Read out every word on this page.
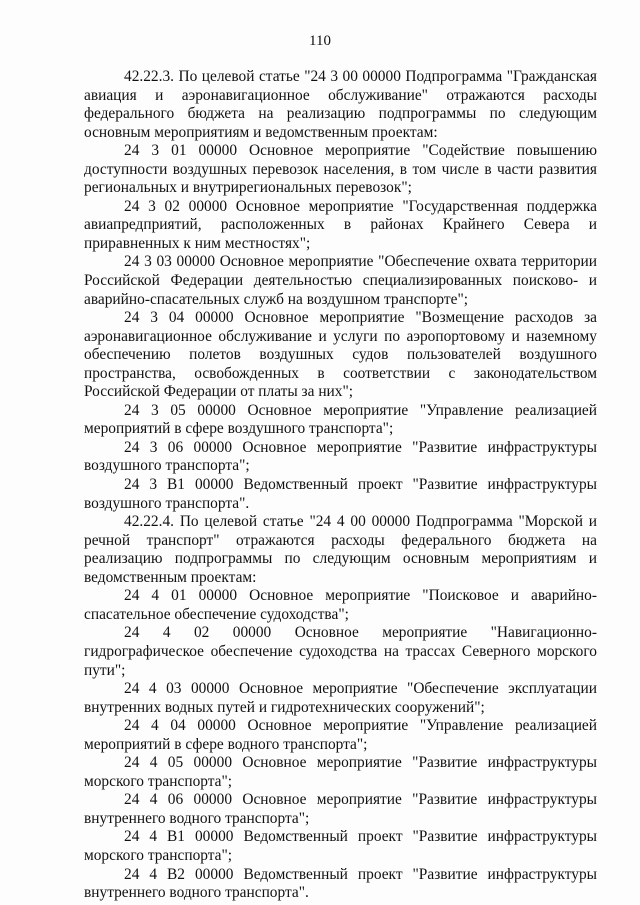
110

42.22.3. По целевой статье "24 3 00 00000 Подпрограмма "Гражданская авиация и аэронавигационное обслуживание" отражаются расходы федерального бюджета на реализацию подпрограммы по следующим основным мероприятиям и ведомственным проектам:

24 3 01 00000 Основное мероприятие "Содействие повышению доступности воздушных перевозок населения, в том числе в части развития региональных и внутрирегиональных перевозок";

24 3 02 00000 Основное мероприятие "Государственная поддержка авиапредприятий, расположенных в районах Крайнего Севера и приравненных к ним местностях";

24 3 03 00000 Основное мероприятие "Обеспечение охвата территории Российской Федерации деятельностью специализированных поисково- и аварийно-спасательных служб на воздушном транспорте";

24 3 04 00000 Основное мероприятие "Возмещение расходов за аэронавигационное обслуживание и услуги по аэропортовому и наземному обеспечению полетов воздушных судов пользователей воздушного пространства, освобожденных в соответствии с законодательством Российской Федерации от платы за них";

24 3 05 00000 Основное мероприятие "Управление реализацией мероприятий в сфере воздушного транспорта";

24 3 06 00000 Основное мероприятие "Развитие инфраструктуры воздушного транспорта";

24 3 В1 00000 Ведомственный проект "Развитие инфраструктуры воздушного транспорта".

42.22.4. По целевой статье "24 4 00 00000 Подпрограмма "Морской и речной транспорт" отражаются расходы федерального бюджета на реализацию подпрограммы по следующим основным мероприятиям и ведомственным проектам:

24 4 01 00000 Основное мероприятие "Поисковое и аварийно-спасательное обеспечение судоходства";

24 4 02 00000 Основное мероприятие "Навигационно-гидрографическое обеспечение судоходства на трассах Северного морского пути";

24 4 03 00000 Основное мероприятие "Обеспечение эксплуатации внутренних водных путей и гидротехнических сооружений";

24 4 04 00000 Основное мероприятие "Управление реализацией мероприятий в сфере водного транспорта";

24 4 05 00000 Основное мероприятие "Развитие инфраструктуры морского транспорта";

24 4 06 00000 Основное мероприятие "Развитие инфраструктуры внутреннего водного транспорта";

24 4 В1 00000 Ведомственный проект "Развитие инфраструктуры морского транспорта";

24 4 В2 00000 Ведомственный проект "Развитие инфраструктуры внутреннего водного транспорта".
